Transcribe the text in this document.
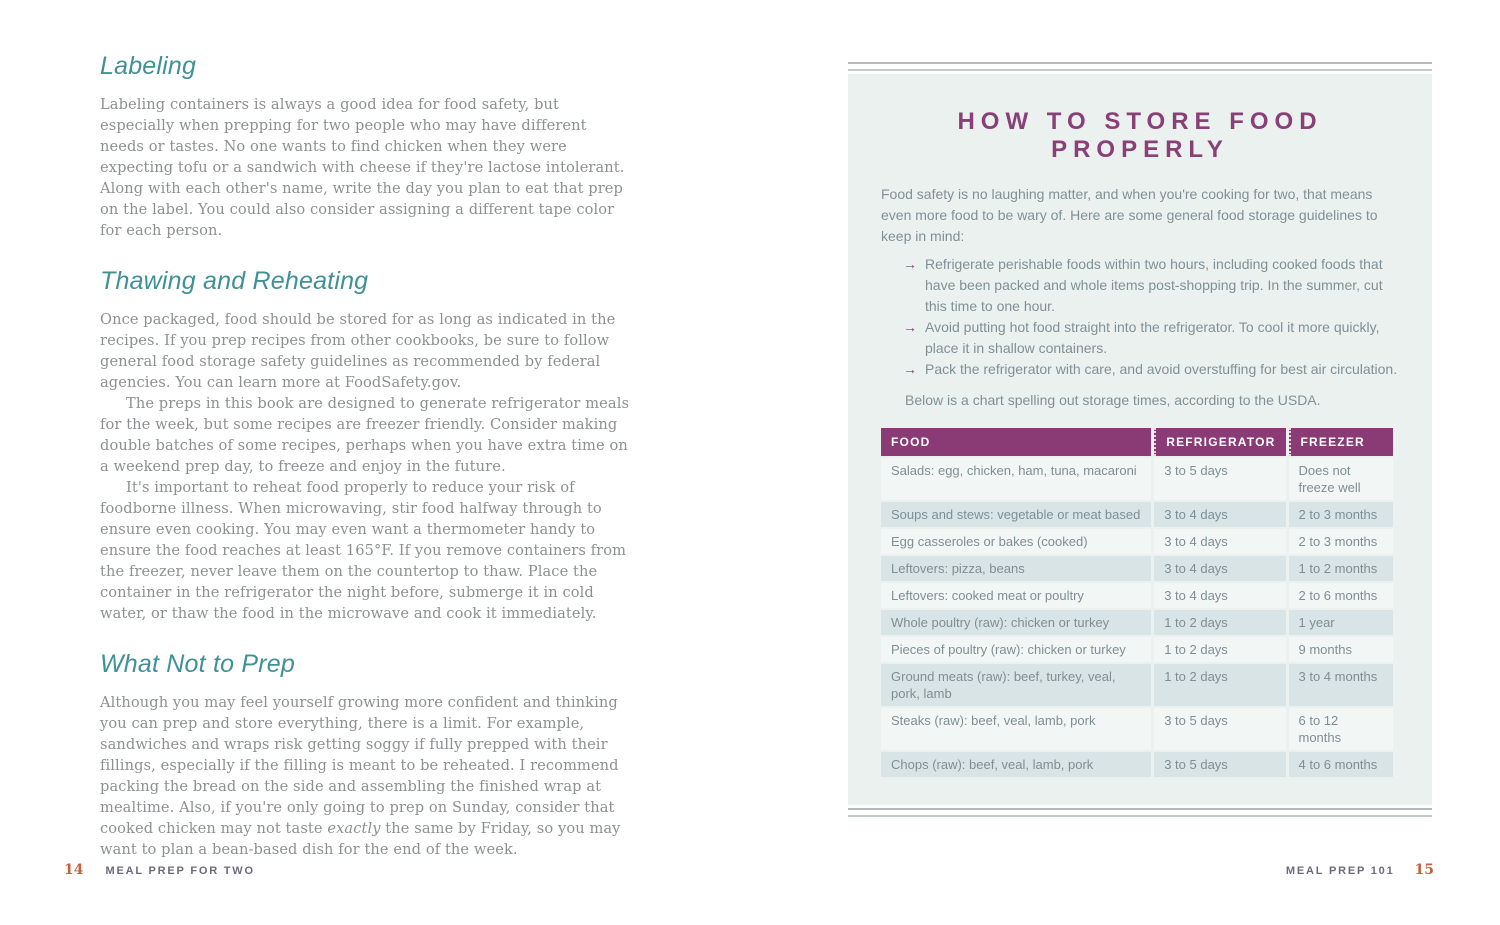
Labeling

Labeling containers is always a good idea for food safety, but especially when prepping for two people who may have different needs or tastes. No one wants to find chicken when they were expecting tofu or a sandwich with cheese if they're lactose intolerant. Along with each other's name, write the day you plan to eat that prep on the label. You could also consider assigning a different tape color for each person.

Thawing and Reheating

Once packaged, food should be stored for as long as indicated in the recipes. If you prep recipes from other cookbooks, be sure to follow general food storage safety guidelines as recommended by federal agencies. You can learn more at FoodSafety.gov.

The preps in this book are designed to generate refrigerator meals for the week, but some recipes are freezer friendly. Consider making double batches of some recipes, perhaps when you have extra time on a weekend prep day, to freeze and enjoy in the future.

It's important to reheat food properly to reduce your risk of foodborne illness. When microwaving, stir food halfway through to ensure even cooking. You may even want a thermometer handy to ensure the food reaches at least 165°F. If you remove containers from the freezer, never leave them on the countertop to thaw. Place the container in the refrigerator the night before, submerge it in cold water, or thaw the food in the microwave and cook it immediately.

What Not to Prep

Although you may feel yourself growing more confident and thinking you can prep and store everything, there is a limit. For example, sandwiches and wraps risk getting soggy if fully prepped with their fillings, especially if the filling is meant to be reheated. I recommend packing the bread on the side and assembling the finished wrap at mealtime. Also, if you're only going to prep on Sunday, consider that cooked chicken may not taste exactly the same by Friday, so you may want to plan a bean-based dish for the end of the week.

HOW TO STORE FOOD PROPERLY

Food safety is no laughing matter, and when you're cooking for two, that means even more food to be wary of. Here are some general food storage guidelines to keep in mind:

→ Refrigerate perishable foods within two hours, including cooked foods that have been packed and whole items post-shopping trip. In the summer, cut this time to one hour.
→ Avoid putting hot food straight into the refrigerator. To cool it more quickly, place it in shallow containers.
→ Pack the refrigerator with care, and avoid overstuffing for best air circulation.

Below is a chart spelling out storage times, according to the USDA.

FOOD	REFRIGERATOR	FREEZER
Salads: egg, chicken, ham, tuna, macaroni	3 to 5 days	Does not freeze well
Soups and stews: vegetable or meat based	3 to 4 days	2 to 3 months
Egg casseroles or bakes (cooked)	3 to 4 days	2 to 3 months
Leftovers: pizza, beans	3 to 4 days	1 to 2 months
Leftovers: cooked meat or poultry	3 to 4 days	2 to 6 months
Whole poultry (raw): chicken or turkey	1 to 2 days	1 year
Pieces of poultry (raw): chicken or turkey	1 to 2 days	9 months
Ground meats (raw): beef, turkey, veal, pork, lamb	1 to 2 days	3 to 4 months
Steaks (raw): beef, veal, lamb, pork	3 to 5 days	6 to 12 months
Chops (raw): beef, veal, lamb, pork	3 to 5 days	4 to 6 months
14 MEAL PREP FOR TWO	MEAL PREP 101 15
